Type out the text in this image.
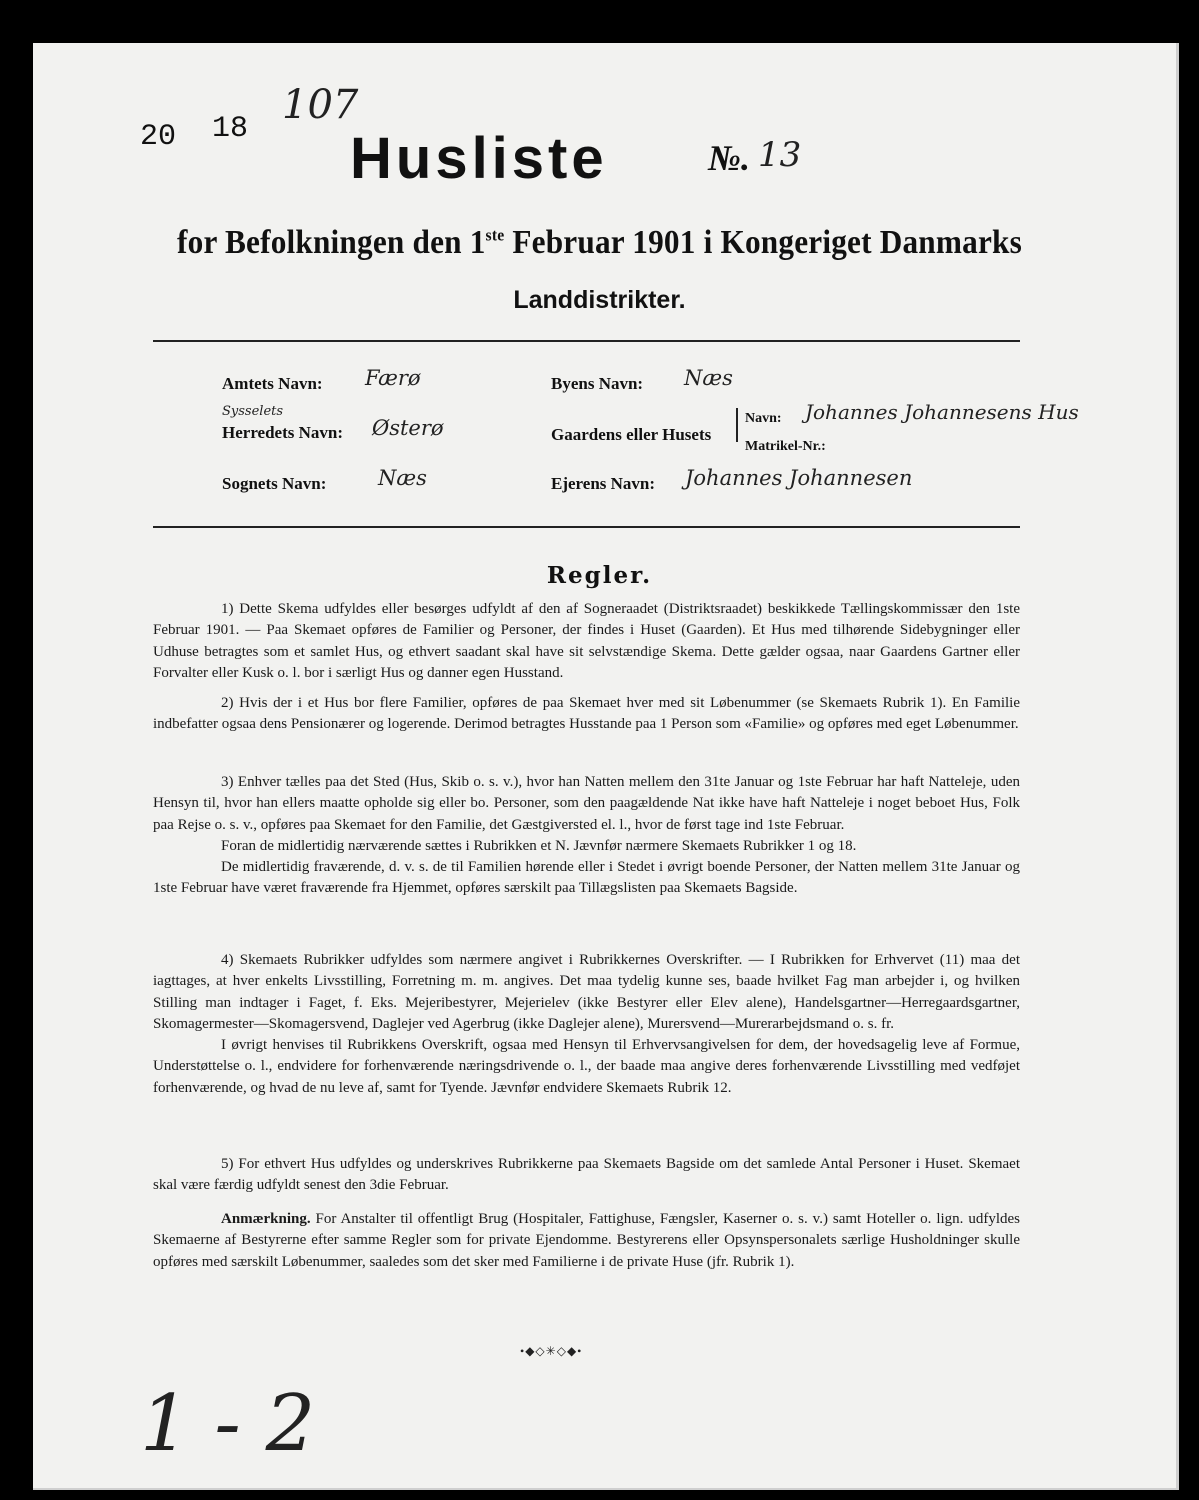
20 18
107
Husliste	№. 13
for Befolkningen den 1ste Februar 1901 i Kongeriget Danmarks
Landdistrikter.
Amtets Navn: Færø
Sysselets
Herredets Navn: Østerø
Sognets Navn: Næs
Byens Navn: Næs
Gaardens eller Husets
Navn: Johannes Johannesens Hus
Matrikel-Nr.:
Ejerens Navn: Johannes Johannesen
Regler.

1) Dette Skema udfyldes eller besørges udfyldt af den af Sogneraadet (Distriktsraadet) beskikkede Tællingskommissær den 1ste Februar 1901. — Paa Skemaet opføres de Familier og Personer, der findes i Huset (Gaarden). Et Hus med tilhørende Sidebygninger eller Udhuse betragtes som et samlet Hus, og ethvert saadant skal have sit selvstændige Skema. Dette gælder ogsaa, naar Gaardens Gartner eller Forvalter eller Kusk o. l. bor i særligt Hus og danner egen Husstand.

2) Hvis der i et Hus bor flere Familier, opføres de paa Skemaet hver med sit Løbenummer (se Skemaets Rubrik 1). En Familie indbefatter ogsaa dens Pensionærer og logerende. Derimod betragtes Husstande paa 1 Person som «Familie» og opføres med eget Løbenummer.

3) Enhver tælles paa det Sted (Hus, Skib o. s. v.), hvor han Natten mellem den 31te Januar og 1ste Februar har haft Natteleje, uden Hensyn til, hvor han ellers maatte opholde sig eller bo. Personer, som den paagældende Nat ikke have haft Natteleje i noget beboet Hus, Folk paa Rejse o. s. v., opføres paa Skemaet for den Familie, det Gæstgiversted el. l., hvor de først tage ind 1ste Februar.

Foran de midlertidig nærværende sættes i Rubrikken et N. Jævnfør nærmere Skemaets Rubrikker 1 og 18.

De midlertidig fraværende, d. v. s. de til Familien hørende eller i Stedet i øvrigt boende Personer, der Natten mellem 31te Januar og 1ste Februar have været fraværende fra Hjemmet, opføres særskilt paa Tillægslisten paa Skemaets Bagside.

4) Skemaets Rubrikker udfyldes som nærmere angivet i Rubrikkernes Overskrifter. — I Rubrikken for Erhvervet (11) maa det iagttages, at hver enkelts Livsstilling, Forretning m. m. angives. Det maa tydelig kunne ses, baade hvilket Fag man arbejder i, og hvilken Stilling man indtager i Faget, f. Eks. Mejeribestyrer, Mejerielev (ikke Bestyrer eller Elev alene), Handelsgartner—Herregaardsgartner, Skomagermester—Skomagersvend, Daglejer ved Agerbrug (ikke Daglejer alene), Murersvend—Murerarbejdsmand o. s. fr.

I øvrigt henvises til Rubrikkens Overskrift, ogsaa med Hensyn til Erhvervsangivelsen for dem, der hovedsagelig leve af Formue, Understøttelse o. l., endvidere for forhenværende næringsdrivende o. l., der baade maa angive deres forhenværende Livsstilling med vedføjet forhenværende, og hvad de nu leve af, samt for Tyende. Jævnfør endvidere Skemaets Rubrik 12.

5) For ethvert Hus udfyldes og underskrives Rubrikkerne paa Skemaets Bagside om det samlede Antal Personer i Huset. Skemaet skal være færdig udfyldt senest den 3die Februar.

Anmærkning. For Anstalter til offentligt Brug (Hospitaler, Fattighuse, Fængsler, Kaserner o. s. v.) samt Hoteller o. lign. udfyldes Skemaerne af Bestyrerne efter samme Regler som for private Ejendomme. Bestyrerens eller Opsynspersonalets særlige Husholdninger skulle opføres med særskilt Løbenummer, saaledes som det sker med Familierne i de private Huse (jfr. Rubrik 1).

•◆◇✳◇◆•
1 - 2
